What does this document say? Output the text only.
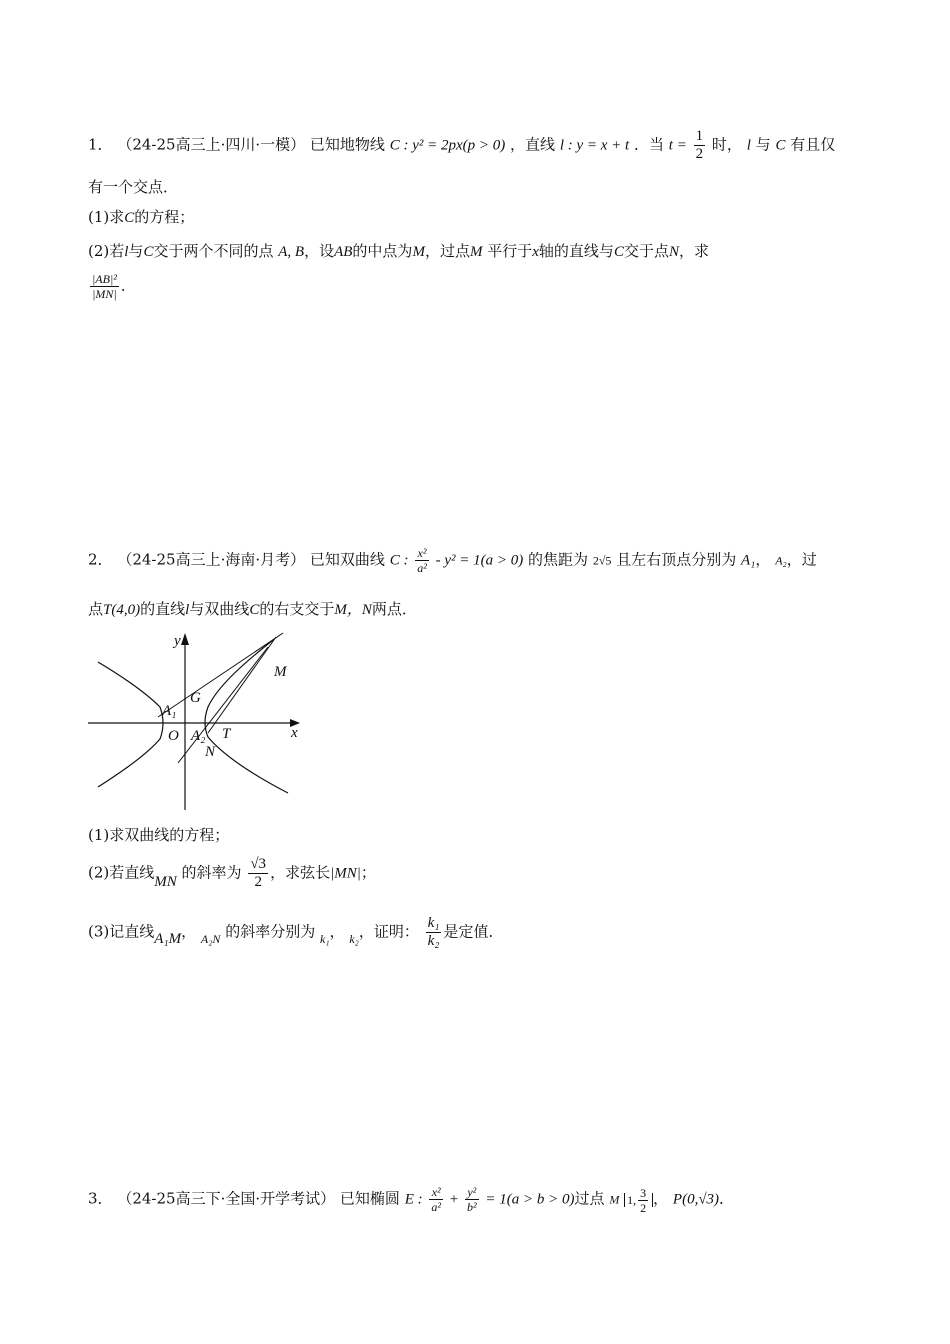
1． （24-25高三上·四川·一模） 已知地物线 C : y² = 2px(p > 0) ，直线 l : y = x + t ．当 $t = \frac{1}{2}$ 时， l 与 C 有且仅
有一个交点．
(1)求C的方程；
(2)若l与C交于两个不同的点 A, B，设AB的中点为M，过点M 平行于x轴的直线与C交于点N，求
$\frac{\text{|AB|²}}{|MN|}$ ．
2． （24-25高三上·海南·月考） 已知双曲线 C : $\frac{\text{x²}}{\text{a²}} - y^2 = 1(a > 0)$ 的焦距为 2√5 且左右顶点分别为 A₁， A₂，过
点T(4,0)的直线l与双曲线C的右支交于M，N两点．
y
x
M
G
A₁
O A₂ T
N
(1)求双曲线的方程；
(2)若直线MN 的斜率为 $\frac{√3}{2}$ ，求弦长|MN|；
(3)记直线A₁M， $_{A_2N}$ 的斜率分别为 $_{k_1}$， $_{k_2}$，证明： $\frac{\text{k₁}}{\text{k₂}}$ 是定值．
3． （24-25高三下·全国·开学考试） 已知椭圆 E : $\frac{\text{x²}}{\text{a²}} + \frac{\text{y²}}{\text{b²}} = 1(a > b > 0)$过点 M 1, $\frac{3}{2}$ ， P(0,√3)．
